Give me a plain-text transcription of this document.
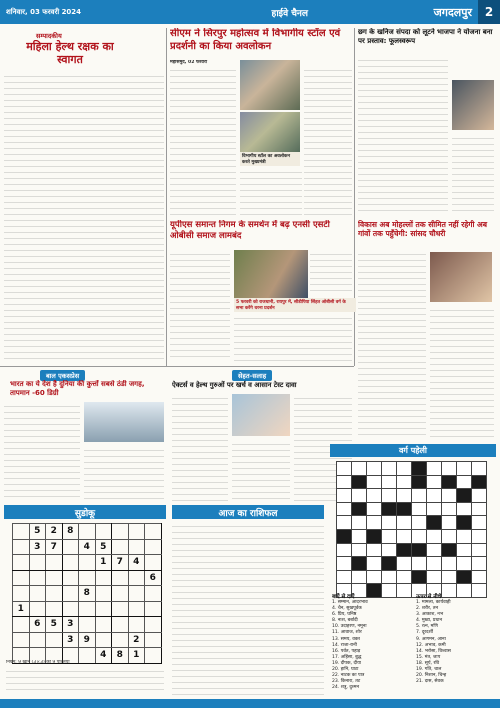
शनिवार, 03 फरवरी 2024	हाईवे चैनल	जगदलपुर	2
सम्पादकीय
महिला हेल्थ रक्षक का स्वागत
सीएम ने सिरपुर महोत्सव में विभागीय स्टॉल एवं प्रदर्शनी का किया अवलोकन
महासमुंद, 02 फरवरी
विभागीय स्टॉल का अवलोकन करते मुख्यमंत्री
छग के खनिज संपदा को लूटने भाजपा ने योजना बना पर प्रस्ताव: फूलस्वरूप
यूपीएस समान्त निगम के समर्थन में बढ़ एनसी एसटी ओबीसी समाज लामबंद
5 फरवरी को राजधानी, रायपुर में, सीडीपिया सिंहत ओबीसी वर्ग के सभा करेंगे धरना प्रदर्शन
विकास अब मोहल्लों तक सीमित नहीं रहेगी अब गांवों तक पहुँचेगी: सांसद चौधरी
बाल एकसप्रेस
भारत का ये देश है दुनिया की कुत्तों सबसे ठंडी जगह, तापमान -60 डिग्री
सेहत-सलाह
ऐक्टर्स व हेल्थ गुरुओं पर खर्च व आसान टेस्ट दावा
सुडोकू
	5	2	8					
	3	7		4	5			
					1	7	4	
								6
				8				
1								
	6	5	3					
			3	9			2	
					4	8	1	
नियम: 9 खाने (3×3) की 9 पंक्तियाँ
आज का राशिफल
वर्ग पहेली

बाएँ से दाएँ
1. सम्मान, आदरभाव
4. चैन, सुखपूर्वक
6. प्रिय, घनिष्ठ
8. नाश, बर्बादी
10. उदाहरण, नमूना
11. आवाज, शोर
13. समय, वक्त
14. राजा-रानी
16. पर्वत, पहाड़
17. अहिंसा, बुद्ध
19. दीपक, दीया
20. हानि, घाटा
22. नाटक का पात्र
23. किनारा, तट
24. शत्रु, दुश्मन
ऊपर से नीचे
1. मामला, कार्यवाही
2. शरीर, तन
3. आकाश, नभ
4. मुख्य, प्रधान
5. रत्न, मणि
7. दूरदर्शी
9. आगमन, आना
12. अभाव, कमी
14. भरोसा, विश्वास
15. मंत्र, जाप
18. सूर्य, रवि
19. गति, चाल
20. निशान, चिन्ह
21. दास, सेवक
